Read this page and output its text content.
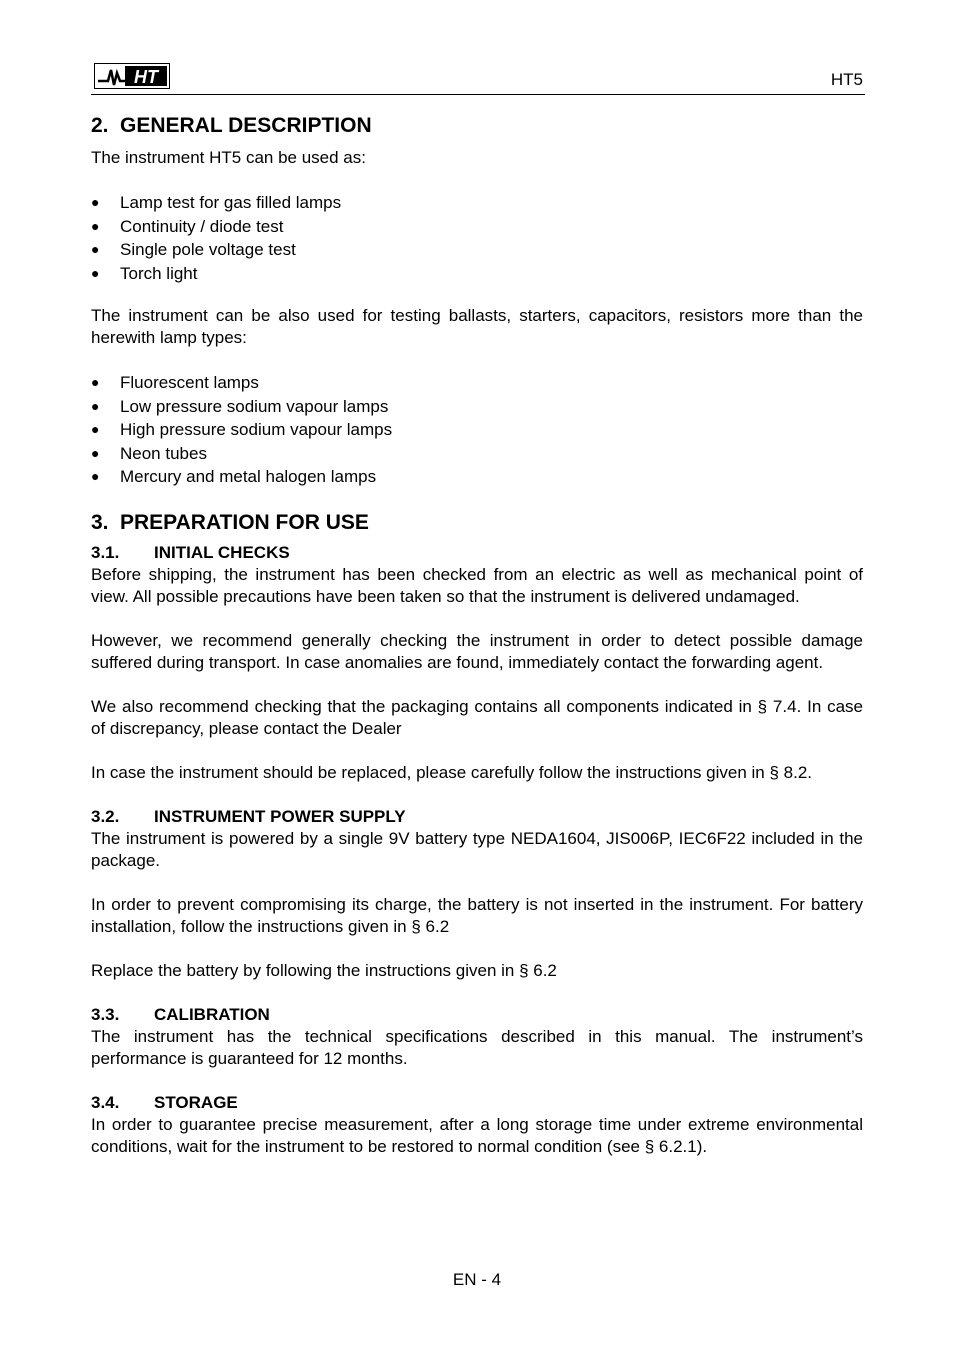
HT	HT5
2. GENERAL DESCRIPTION

The instrument HT5 can be used as:

●	Lamp test for gas filled lamps
●	Continuity / diode test
●	Single pole voltage test
●	Torch light

The instrument can be also used for testing ballasts, starters, capacitors, resistors more than the herewith lamp types:

●	Fluorescent lamps
●	Low pressure sodium vapour lamps
●	High pressure sodium vapour lamps
●	Neon tubes
●	Mercury and metal halogen lamps
3. PREPARATION FOR USE
3.1.	INITIAL CHECKS

Before shipping, the instrument has been checked from an electric as well as mechanical point of view. All possible precautions have been taken so that the instrument is delivered undamaged.

However, we recommend generally checking the instrument in order to detect possible damage suffered during transport. In case anomalies are found, immediately contact the forwarding agent.

We also recommend checking that the packaging contains all components indicated in § 7.4. In case of discrepancy, please contact the Dealer

In case the instrument should be replaced, please carefully follow the instructions given in § 8.2.

3.2.	INSTRUMENT POWER SUPPLY

The instrument is powered by a single 9V battery type NEDA1604, JIS006P, IEC6F22 included in the package.

In order to prevent compromising its charge, the battery is not inserted in the instrument. For battery installation, follow the instructions given in § 6.2

Replace the battery by following the instructions given in § 6.2

3.3.	CALIBRATION

The instrument has the technical specifications described in this manual. The instrument’s performance is guaranteed for 12 months.

3.4.	STORAGE

In order to guarantee precise measurement, after a long storage time under extreme environmental conditions, wait for the instrument to be restored to normal condition (see § 6.2.1).

EN - 4
